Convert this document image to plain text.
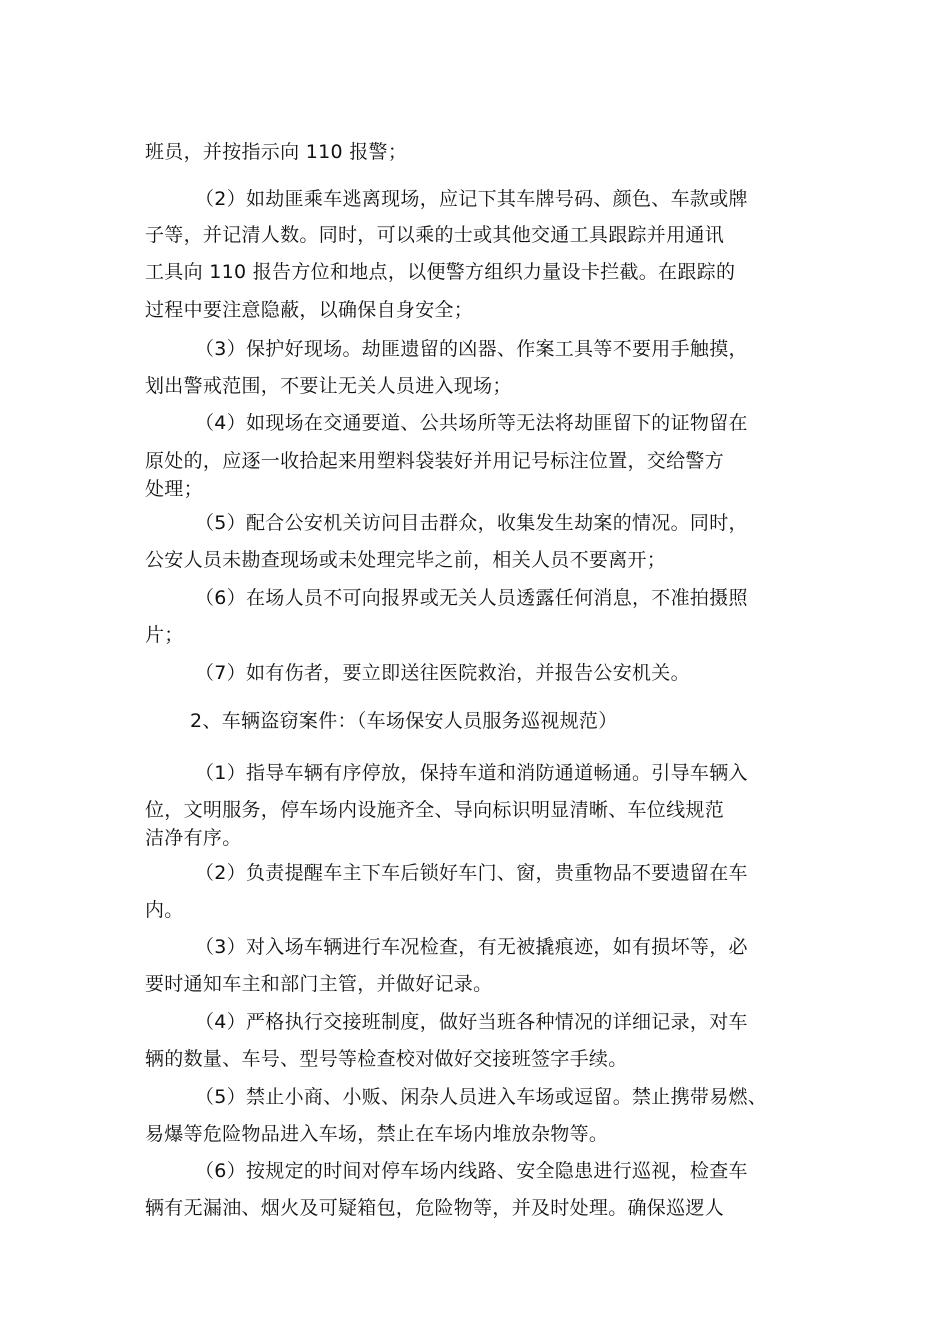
班员，并按指示向 110 报警；
（2）如劫匪乘车逃离现场，应记下其车牌号码、颜色、车款或牌
子等，并记清人数。同时，可以乘的士或其他交通工具跟踪并用通讯
工具向 110 报告方位和地点，以便警方组织力量设卡拦截。在跟踪的
过程中要注意隐蔽，以确保自身安全；
（3）保护好现场。劫匪遗留的凶器、作案工具等不要用手触摸，
划出警戒范围，不要让无关人员进入现场；
（4）如现场在交通要道、公共场所等无法将劫匪留下的证物留在
原处的，应逐一收拾起来用塑料袋装好并用记号标注位置，交给警方
处理；
（5）配合公安机关访问目击群众，收集发生劫案的情况。同时，
公安人员未勘查现场或未处理完毕之前，相关人员不要离开；
（6）在场人员不可向报界或无关人员透露任何消息，不准拍摄照
片；
（7）如有伤者，要立即送往医院救治，并报告公安机关。
2、车辆盗窃案件：（车场保安人员服务巡视规范）
（1）指导车辆有序停放，保持车道和消防通道畅通。引导车辆入
位，文明服务，停车场内设施齐全、导向标识明显清晰、车位线规范
洁净有序。
（2）负责提醒车主下车后锁好车门、窗，贵重物品不要遗留在车
内。
（3）对入场车辆进行车况检查，有无被撬痕迹，如有损坏等，必
要时通知车主和部门主管，并做好记录。
（4）严格执行交接班制度，做好当班各种情况的详细记录，对车
辆的数量、车号、型号等检查校对做好交接班签字手续。
（5）禁止小商、小贩、闲杂人员进入车场或逗留。禁止携带易燃、
易爆等危险物品进入车场，禁止在车场内堆放杂物等。
（6）按规定的时间对停车场内线路、安全隐患进行巡视，检查车
辆有无漏油、烟火及可疑箱包，危险物等，并及时处理。确保巡逻人
